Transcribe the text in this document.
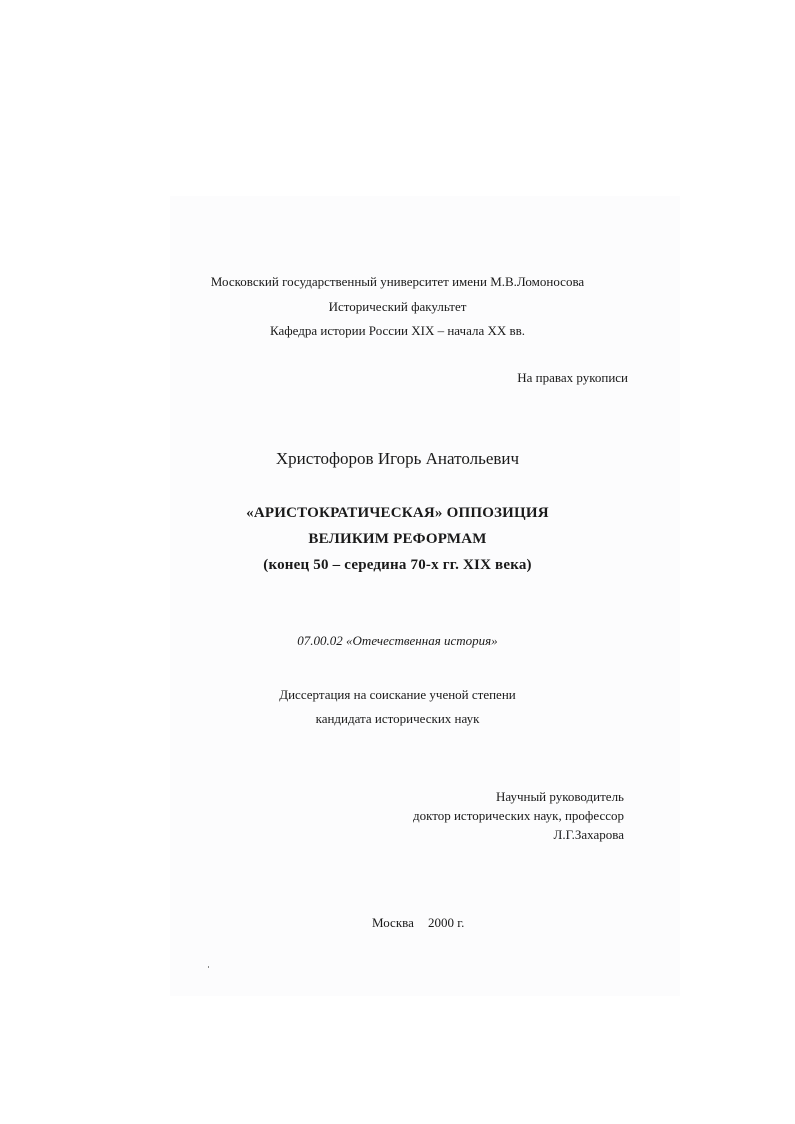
Московский государственный университет имени М.В.Ломоносова
Исторический факультет
Кафедра истории России XIX – начала XX вв.
На правах рукописи
Христофоров Игорь Анатольевич
«АРИСТОКРАТИЧЕСКАЯ» ОППОЗИЦИЯ
ВЕЛИКИМ РЕФОРМАМ
(конец 50 – середина 70-х гг. XIX века)
07.00.02 «Отечественная история»
Диссертация на соискание ученой степени
кандидата исторических наук
Научный руководитель
доктор исторических наук, профессор
Л.Г.Захарова
Москва 2000 г.
